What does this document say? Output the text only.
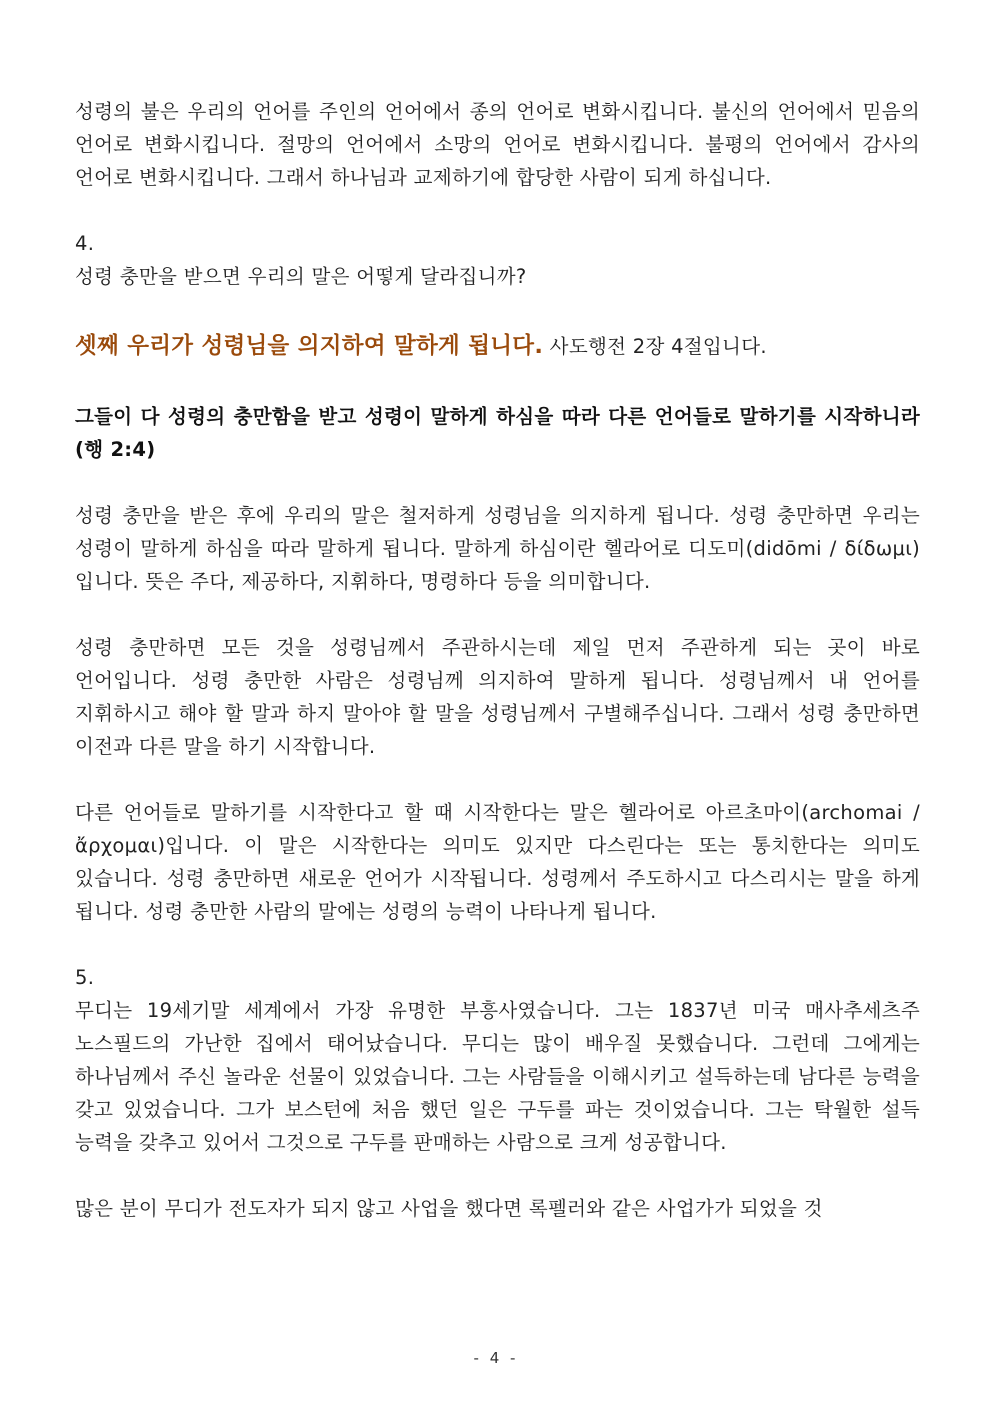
성령의 불은 우리의 언어를 주인의 언어에서 종의 언어로 변화시킵니다. 불신의 언어에서 믿음의 언어로 변화시킵니다. 절망의 언어에서 소망의 언어로 변화시킵니다. 불평의 언어에서 감사의 언어로 변화시킵니다. 그래서 하나님과 교제하기에 합당한 사람이 되게 하십니다.

4.

성령 충만을 받으면 우리의 말은 어떻게 달라집니까?

셋째 우리가 성령님을 의지하여 말하게 됩니다. 사도행전 2장 4절입니다.

그들이 다 성령의 충만함을 받고 성령이 말하게 하심을 따라 다른 언어들로 말하기를 시작하니라 (행 2:4)

성령 충만을 받은 후에 우리의 말은 철저하게 성령님을 의지하게 됩니다. 성령 충만하면 우리는 성령이 말하게 하심을 따라 말하게 됩니다. 말하게 하심이란 헬라어로 디도미(didōmi / δίδωμι)입니다. 뜻은 주다, 제공하다, 지휘하다, 명령하다 등을 의미합니다.

성령 충만하면 모든 것을 성령님께서 주관하시는데 제일 먼저 주관하게 되는 곳이 바로 언어입니다. 성령 충만한 사람은 성령님께 의지하여 말하게 됩니다. 성령님께서 내 언어를 지휘하시고 해야 할 말과 하지 말아야 할 말을 성령님께서 구별해주십니다. 그래서 성령 충만하면 이전과 다른 말을 하기 시작합니다.

다른 언어들로 말하기를 시작한다고 할 때 시작한다는 말은 헬라어로 아르초마이(archomai / ἄρχομαι)입니다. 이 말은 시작한다는 의미도 있지만 다스린다는 또는 통치한다는 의미도 있습니다. 성령 충만하면 새로운 언어가 시작됩니다. 성령께서 주도하시고 다스리시는 말을 하게 됩니다. 성령 충만한 사람의 말에는 성령의 능력이 나타나게 됩니다.

5.

무디는 19세기말 세계에서 가장 유명한 부흥사였습니다. 그는 1837년 미국 매사추세츠주 노스필드의 가난한 집에서 태어났습니다. 무디는 많이 배우질 못했습니다. 그런데 그에게는 하나님께서 주신 놀라운 선물이 있었습니다. 그는 사람들을 이해시키고 설득하는데 남다른 능력을 갖고 있었습니다. 그가 보스턴에 처음 했던 일은 구두를 파는 것이었습니다. 그는 탁월한 설득 능력을 갖추고 있어서 그것으로 구두를 판매하는 사람으로 크게 성공합니다.

많은 분이 무디가 전도자가 되지 않고 사업을 했다면 록펠러와 같은 사업가가 되었을 것

- 4 -
